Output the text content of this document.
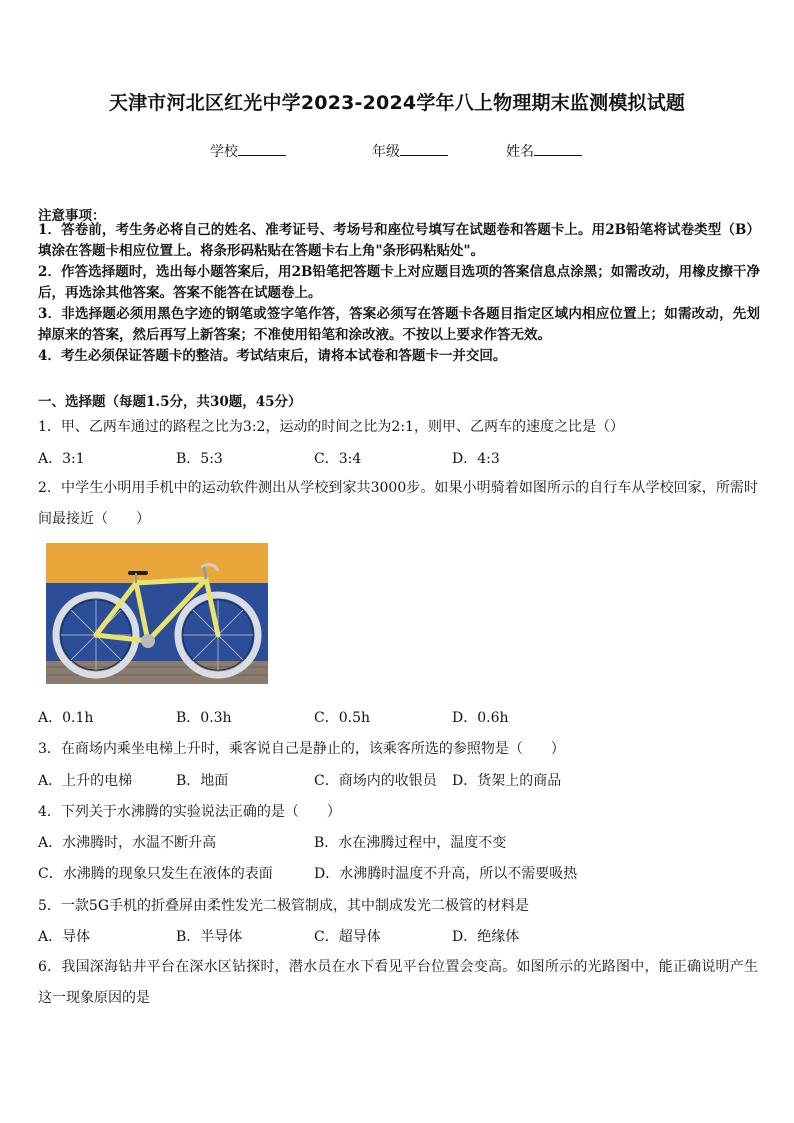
天津市河北区红光中学2023-2024学年八上物理期末监测模拟试题
学校	年级	姓名
注意事项：
1．答卷前，考生务必将自己的姓名、准考证号、考场号和座位号填写在试题卷和答题卡上。用2B铅笔将试卷类型（B）填涂在答题卡相应位置上。将条形码粘贴在答题卡右上角"条形码粘贴处"。
2．作答选择题时，选出每小题答案后，用2B铅笔把答题卡上对应题目选项的答案信息点涂黑；如需改动，用橡皮擦干净后，再选涂其他答案。答案不能答在试题卷上。
3．非选择题必须用黑色字迹的钢笔或签字笔作答，答案必须写在答题卡各题目指定区域内相应位置上；如需改动，先划掉原来的答案，然后再写上新答案；不准使用铅笔和涂改液。不按以上要求作答无效。
4．考生必须保证答题卡的整洁。考试结束后，请将本试卷和答题卡一并交回。
一、选择题（每题1.5分，共30题，45分）
1．甲、乙两车通过的路程之比为3:2，运动的时间之比为2:1，则甲、乙两车的速度之比是（）
A．3:1	B．5:3	C．3:4	D．4:3
2．中学生小明用手机中的运动软件测出从学校到家共3000步。如果小明骑着如图所示的自行车从学校回家，所需时间最接近（　　）
A．0.1h	B．0.3h	C．0.5h	D．0.6h
3．在商场内乘坐电梯上升时，乘客说自己是静止的，该乘客所选的参照物是（　　）
A．上升的电梯	B．地面	C．商场内的收银员 D．货架上的商品
4．下列关于水沸腾的实验说法正确的是（　　）
A．水沸腾时，水温不断升高	B．水在沸腾过程中，温度不变
C．水沸腾的现象只发生在液体的表面	D．水沸腾时温度不升高，所以不需要吸热
5．一款5G手机的折叠屏由柔性发光二极管制成，其中制成发光二极管的材料是
A．导体	B．半导体	C．超导体	D．绝缘体
6．我国深海钻井平台在深水区钻探时，潜水员在水下看见平台位置会变高。如图所示的光路图中，能正确说明产生这一现象原因的是
